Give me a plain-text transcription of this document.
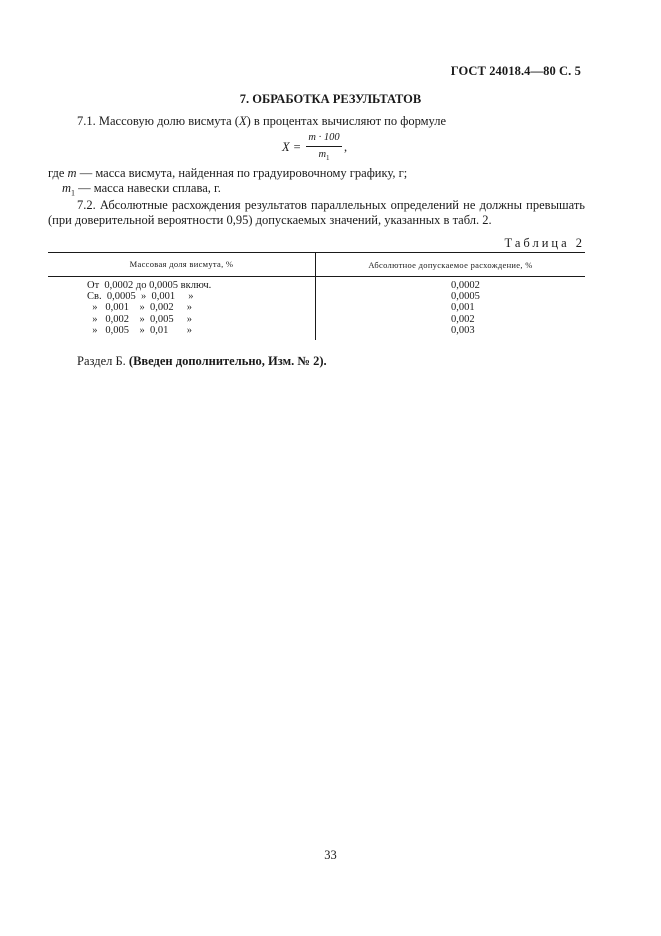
ГОСТ 24018.4—80 С. 5
7. ОБРАБОТКА РЕЗУЛЬТАТОВ
7.1. Массовую долю висмута (X) в процентах вычисляют по формуле
X =
m · 100
$m_1$
,
где m — масса висмута, найденная по градуировочному графику, г;
$m_1$ — масса навески сплава, г.
7.2. Абсолютные расхождения результатов параллельных определений не должны превышать (при доверительной вероятности 0,95) допускаемых значений, указанных в табл. 2.
Таблица 2
Массовая доля висмута, %	Абсолютное допускаемое расхождение, %
От  0,0002 до 0,0005 включ.
Св.  0,0005  »  0,001     »
»   0,001    »  0,002     »
»   0,002    »  0,005     »
»   0,005    »  0,01       »
0,0002
0,0005
0,001
0,002
0,003
Раздел Б. (Введен дополнительно, Изм. № 2).
33
